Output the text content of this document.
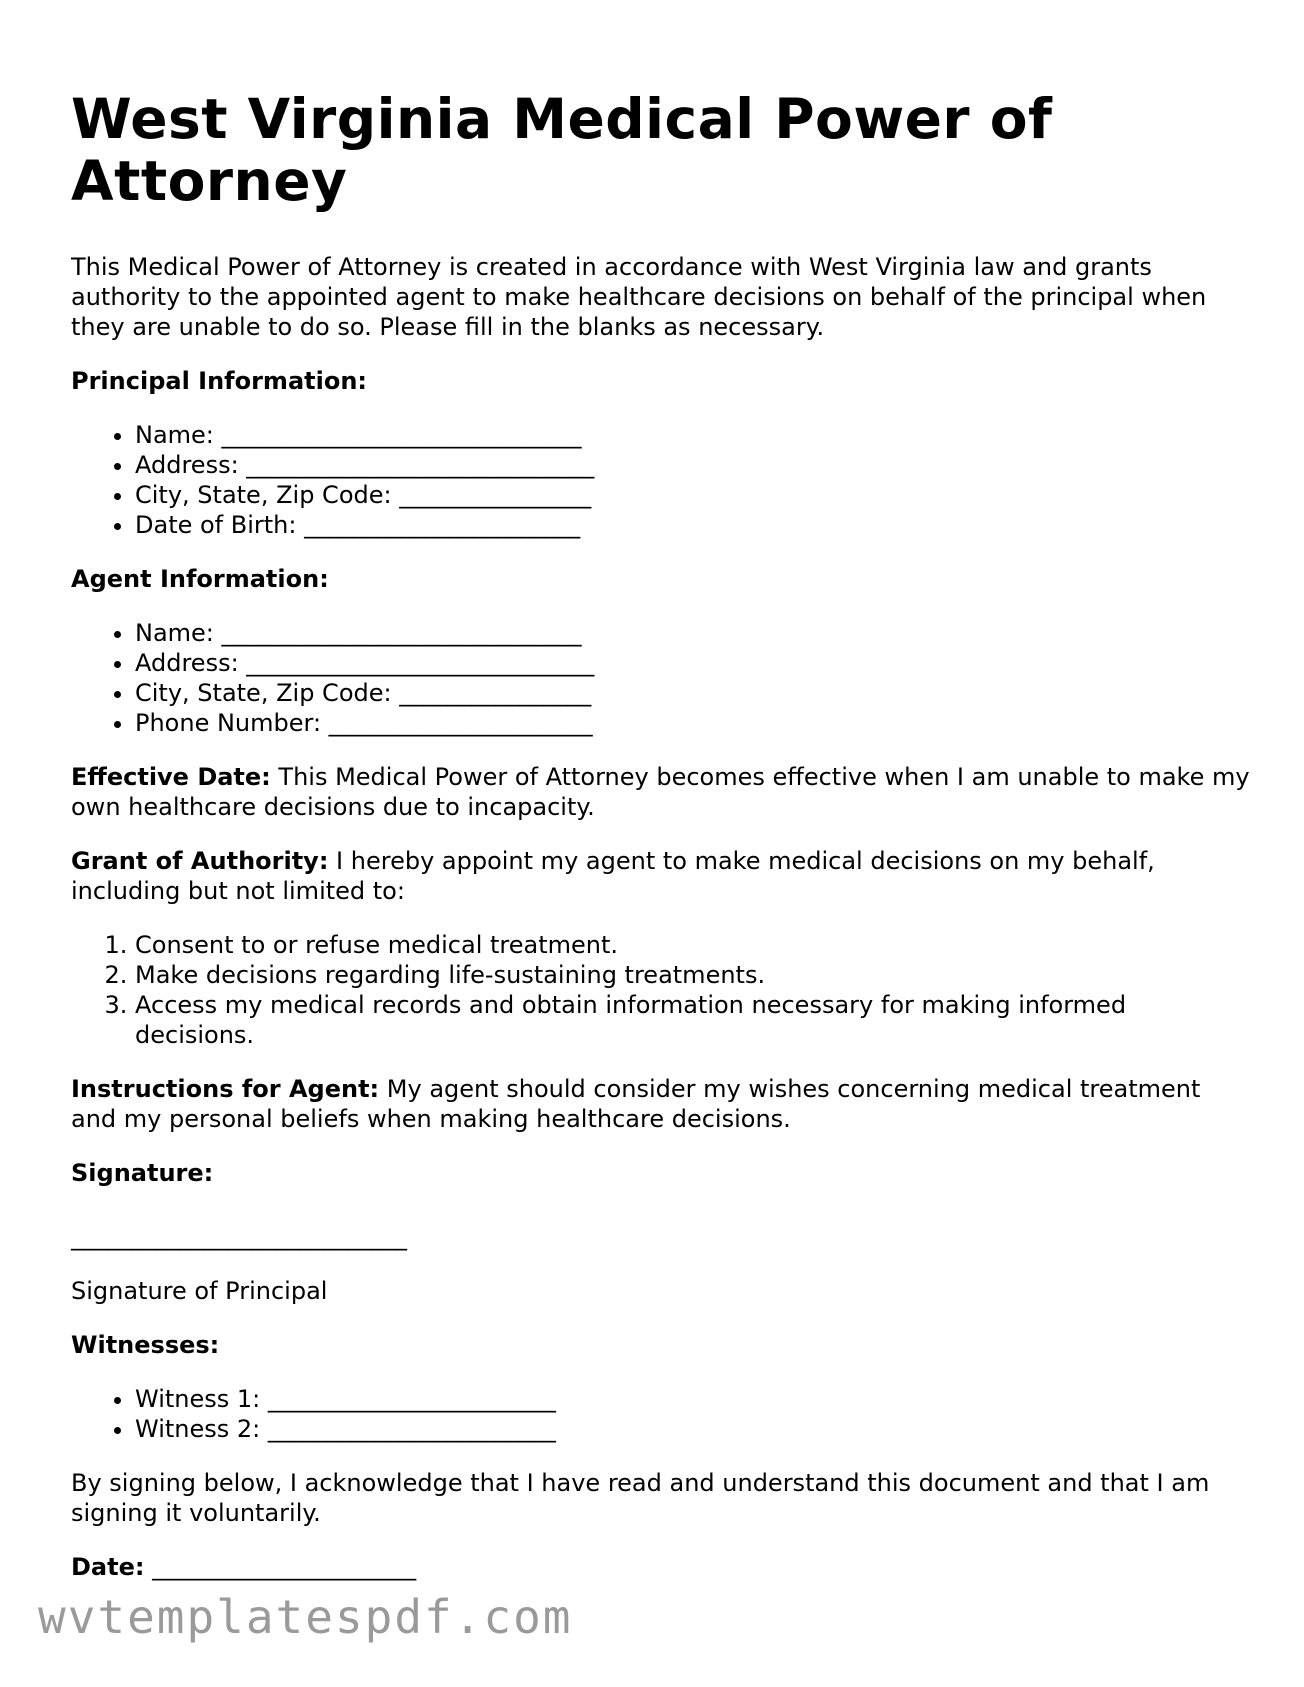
West Virginia Medical Power of Attorney

This Medical Power of Attorney is created in accordance with West Virginia law and grants authority to the appointed agent to make healthcare decisions on behalf of the principal when they are unable to do so. Please fill in the blanks as necessary.

Principal Information:

• Name: ______________________________
• Address: _____________________________
• City, State, Zip Code: ________________
• Date of Birth: _______________________

Agent Information:

• Name: ______________________________
• Address: _____________________________
• City, State, Zip Code: ________________
• Phone Number: ______________________

Effective Date: This Medical Power of Attorney becomes effective when I am unable to make my own healthcare decisions due to incapacity.

Grant of Authority: I hereby appoint my agent to make medical decisions on my behalf, including but not limited to:

1. Consent to or refuse medical treatment.
2. Make decisions regarding life-sustaining treatments.
3. Access my medical records and obtain information necessary for making informed decisions.

Instructions for Agent: My agent should consider my wishes concerning medical treatment and my personal beliefs when making healthcare decisions.

Signature:

____________________________

Signature of Principal

Witnesses:

• Witness 1: ________________________
• Witness 2: ________________________

By signing below, I acknowledge that I have read and understand this document and that I am signing it voluntarily.

Date: ______________________

wvtemplatespdf.com
